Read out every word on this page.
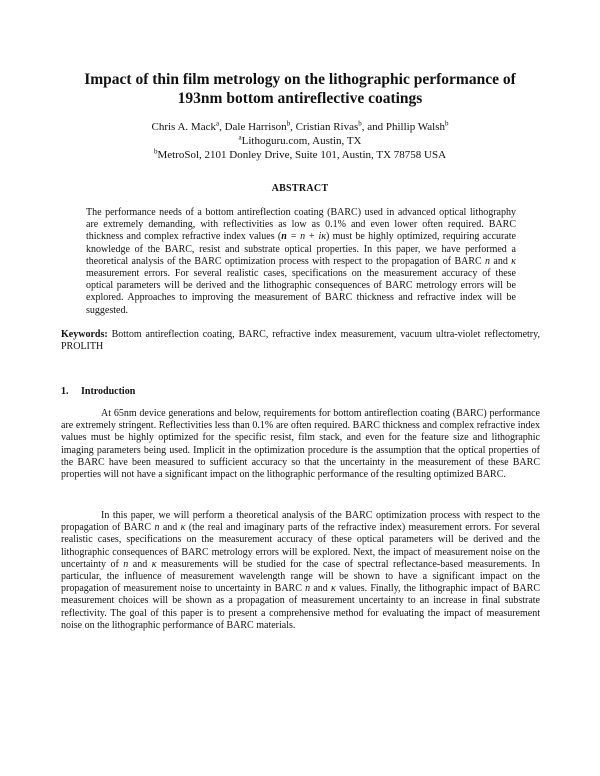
Impact of thin film metrology on the lithographic performance of 193nm bottom antireflective coatings
Chris A. Mack$^a$, Dale Harrison$^b$, Cristian Rivas$^b$, and Phillip Walsh$^b$
$^a$Lithoguru.com, Austin, TX
$^b$MetroSol, 2101 Donley Drive, Suite 101, Austin, TX 78758 USA
ABSTRACT
The performance needs of a bottom antireflection coating (BARC) used in advanced optical lithography are extremely demanding, with reflectivities as low as 0.1% and even lower often required. BARC thickness and complex refractive index values (n = n + iκ) must be highly optimized, requiring accurate knowledge of the BARC, resist and substrate optical properties. In this paper, we have performed a theoretical analysis of the BARC optimization process with respect to the propagation of BARC n and κ measurement errors. For several realistic cases, specifications on the measurement accuracy of these optical parameters will be derived and the lithographic consequences of BARC metrology errors will be explored. Approaches to improving the measurement of BARC thickness and refractive index will be suggested.
Keywords: Bottom antireflection coating, BARC, refractive index measurement, vacuum ultra-violet reflectometry, PROLITH
1. Introduction
At 65nm device generations and below, requirements for bottom antireflection coating (BARC) performance are extremely stringent. Reflectivities less than 0.1% are often required. BARC thickness and complex refractive index values must be highly optimized for the specific resist, film stack, and even for the feature size and lithographic imaging parameters being used. Implicit in the optimization procedure is the assumption that the optical properties of the BARC have been measured to sufficient accuracy so that the uncertainty in the measurement of these BARC properties will not have a significant impact on the lithographic performance of the resulting optimized BARC.
In this paper, we will perform a theoretical analysis of the BARC optimization process with respect to the propagation of BARC n and κ (the real and imaginary parts of the refractive index) measurement errors. For several realistic cases, specifications on the measurement accuracy of these optical parameters will be derived and the lithographic consequences of BARC metrology errors will be explored. Next, the impact of measurement noise on the uncertainty of n and κ measurements will be studied for the case of spectral reflectance-based measurements. In particular, the influence of measurement wavelength range will be shown to have a significant impact on the propagation of measurement noise to uncertainty in BARC n and κ values. Finally, the lithographic impact of BARC measurement choices will be shown as a propagation of measurement uncertainty to an increase in final substrate reflectivity. The goal of this paper is to present a comprehensive method for evaluating the impact of measurement noise on the lithographic performance of BARC materials.
